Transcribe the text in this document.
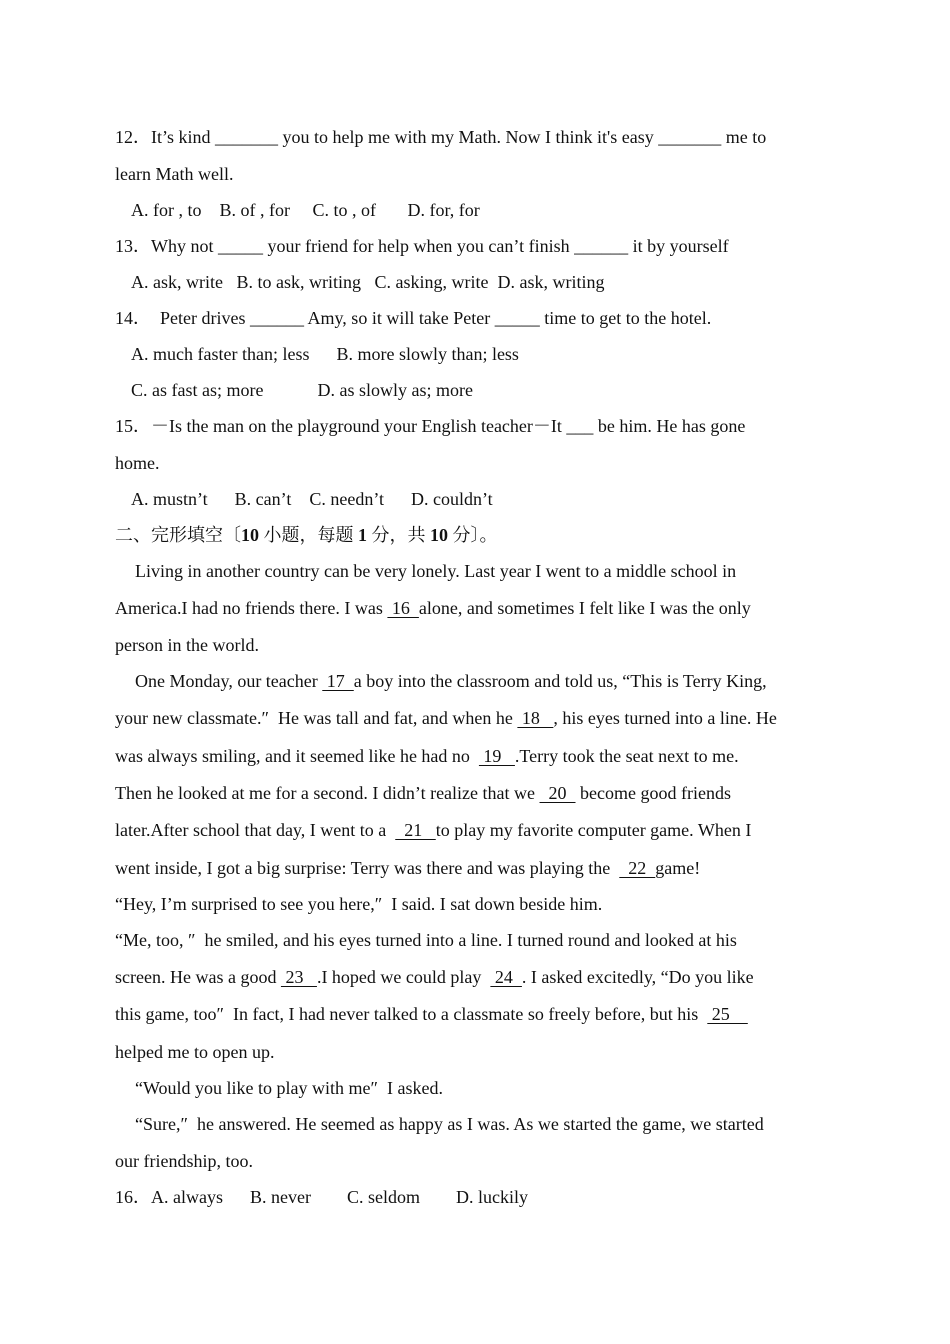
12．It’s kind _______ you to help me with my Math. Now I think it's easy _______ me to
learn Math well.
A. for , to    B. of , for     C. to , of       D. for, for
13．Why not _____ your friend for help when you can’t finish ______ it by yourself
A. ask, write   B. to ask, writing   C. asking, write  D. ask, writing
14．  Peter drives ______ Amy, so it will take Peter _____ time to get to the hotel.
A. much faster than; less      B. more slowly than; less
C. as fast as; more            D. as slowly as; more
15．－Is the man on the playground your English teacher－It ___ be him. He has gone
home.
A. mustn’t      B. can’t    C. needn’t      D. couldn’t
二、完形填空〔10 小题，每题 1 分，共 10 分〕。
Living in another country can be very lonely. Last year I went to a middle school in
America.I had no friends there. I was  16  alone, and sometimes I felt like I was the only
person in the world.
One Monday, our teacher  17  a boy into the classroom and told us, “This is Terry King,
your new classmate.″  He was tall and fat, and when he  18   , his eyes turned into a line. He
was always smiling, and it seemed like he had no   19   .Terry took the seat next to me.
Then he looked at me for a second. I didn’t realize that we   20   become good friends
later.After school that day, I went to a    21   to play my favorite computer game. When I
went inside, I got a big surprise: Terry was there and was playing the    22  game!
“Hey, I’m surprised to see you here,″  I said. I sat down beside him.
“Me, too, ″  he smiled, and his eyes turned into a line. I turned round and looked at his
screen. He was a good  23   .I hoped we could play   24  . I asked excitedly, “Do you like
this game, too″  In fact, I had never talked to a classmate so freely before, but his   25
helped me to open up.
“Would you like to play with me″  I asked.
“Sure,″  he answered. He seemed as happy as I was. As we started the game, we started
our friendship, too.
16．A. always      B. never        C. seldom        D. luckily
